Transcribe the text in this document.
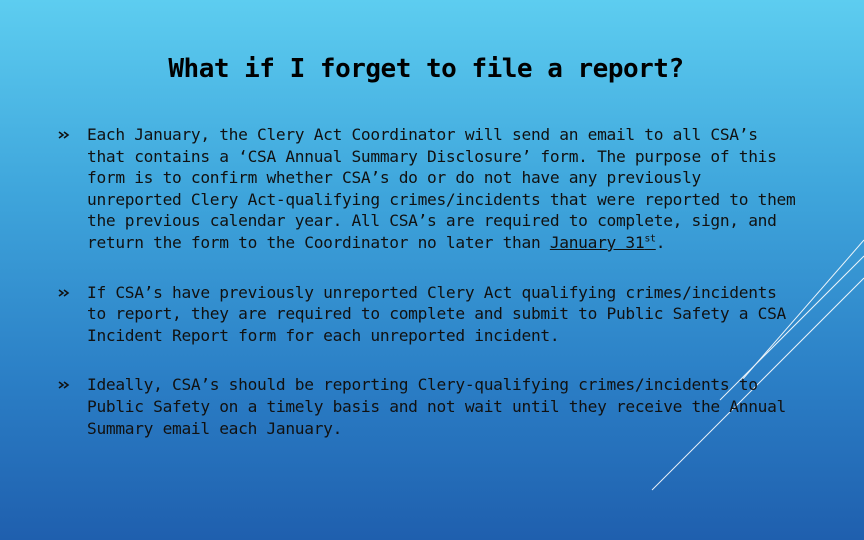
What if I forget to file a report?
Each January, the Clery Act Coordinator will send an email to all CSA’s that contains a ‘CSA Annual Summary Disclosure’ form. The purpose of this form is to confirm whether CSA’s do or do not have any previously unreported Clery Act-qualifying crimes/incidents that were reported to them the previous calendar year. All CSA’s are required to complete, sign, and return the form to the Coordinator no later than January 31st.
If CSA’s have previously unreported Clery Act qualifying crimes/incidents to report, they are required to complete and submit to Public Safety a CSA Incident Report form for each unreported incident.
Ideally, CSA’s should be reporting Clery-qualifying crimes/incidents to Public Safety on a timely basis and not wait until they receive the Annual Summary email each January.
